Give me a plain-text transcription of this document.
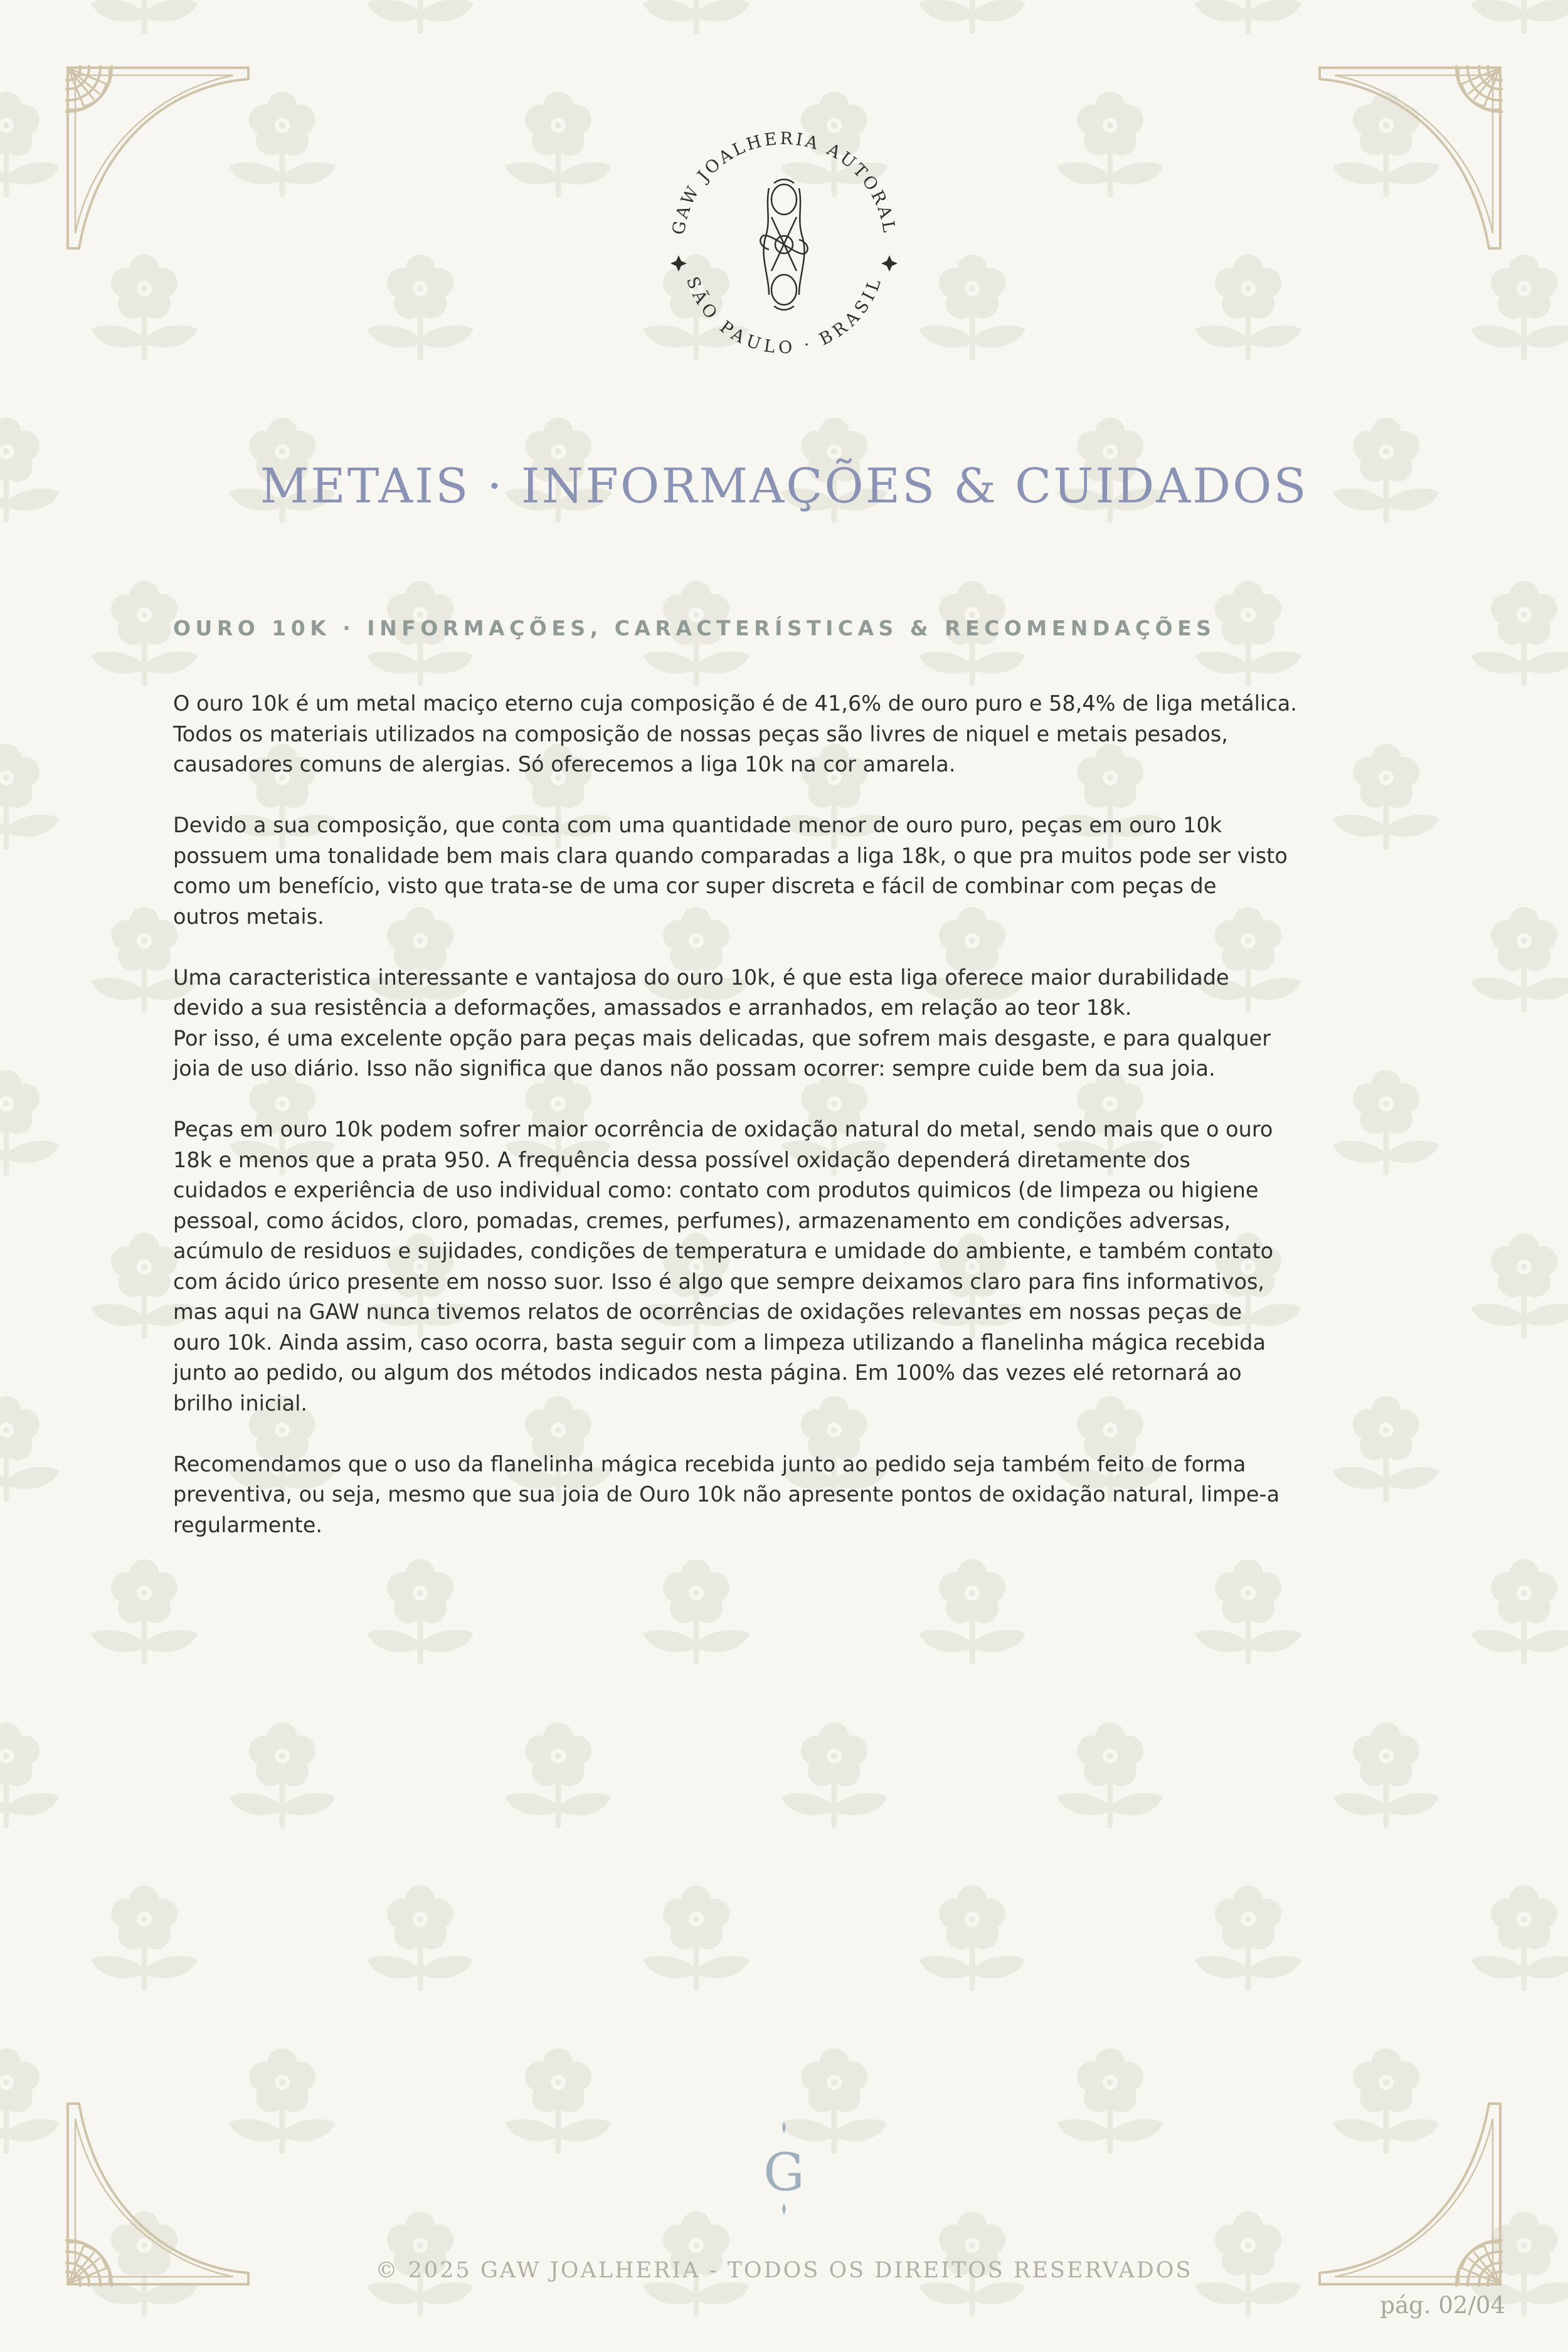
GAW JOALHERIA AUTORAL
SÃO PAULO · BRASIL
METAIS · INFORMAÇÕES & CUIDADOS
OURO 10K · INFORMAÇÕES, CARACTERÍSTICAS & RECOMENDAÇÕES

O ouro 10k é um metal maciço eterno cuja composição é de 41,6% de ouro puro e 58,4% de liga metálica.
Todos os materiais utilizados na composição de nossas peças são livres de niquel e metais pesados,
causadores comuns de alergias. Só oferecemos a liga 10k na cor amarela.

Devido a sua composição, que conta com uma quantidade menor de ouro puro, peças em ouro 10k
possuem uma tonalidade bem mais clara quando comparadas a liga 18k, o que pra muitos pode ser visto
como um benefício, visto que trata-se de uma cor super discreta e fácil de combinar com peças de
outros metais.

Uma caracteristica interessante e vantajosa do ouro 10k, é que esta liga oferece maior durabilidade
devido a sua resistência a deformações, amassados e arranhados, em relação ao teor 18k.
Por isso, é uma excelente opção para peças mais delicadas, que sofrem mais desgaste, e para qualquer
joia de uso diário. Isso não significa que danos não possam ocorrer: sempre cuide bem da sua joia.

Peças em ouro 10k podem sofrer maior ocorrência de oxidação natural do metal, sendo mais que o ouro
18k e menos que a prata 950. A frequência dessa possível oxidação dependerá diretamente dos
cuidados e experiência de uso individual como: contato com produtos quimicos (de limpeza ou higiene
pessoal, como ácidos, cloro, pomadas, cremes, perfumes), armazenamento em condições adversas,
acúmulo de residuos e sujidades, condições de temperatura e umidade do ambiente, e também contato
com ácido úrico presente em nosso suor. Isso é algo que sempre deixamos claro para fins informativos,
mas aqui na GAW nunca tivemos relatos de ocorrências de oxidações relevantes em nossas peças de
ouro 10k. Ainda assim, caso ocorra, basta seguir com a limpeza utilizando a flanelinha mágica recebida
junto ao pedido, ou algum dos métodos indicados nesta página. Em 100% das vezes elé retornará ao
brilho inicial.

Recomendamos que o uso da flanelinha mágica recebida junto ao pedido seja também feito de forma
preventiva, ou seja, mesmo que sua joia de Ouro 10k não apresente pontos de oxidação natural, limpe-a
regularmente.

G
© 2025 GAW JOALHERIA - TODOS OS DIREITOS RESERVADOS
pág. 02/04
